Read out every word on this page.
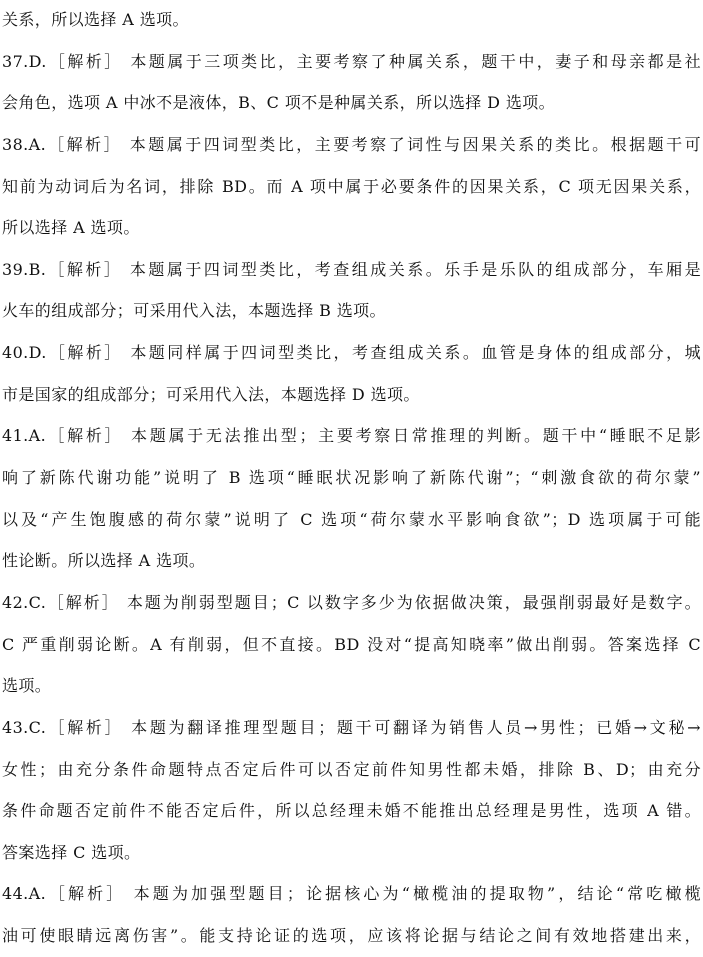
关系，所以选择 A 选项。
37.D.［解析］ 本题属于三项类比，主要考察了种属关系，题干中，妻子和母亲都是社
会角色，选项 A 中冰不是液体，B、C 项不是种属关系，所以选择 D 选项。
38.A.［解析］ 本题属于四词型类比，主要考察了词性与因果关系的类比。根据题干可
知前为动词后为名词，排除 BD。而 A 项中属于必要条件的因果关系，C 项无因果关系，
所以选择 A 选项。
39.B.［解析］ 本题属于四词型类比，考查组成关系。乐手是乐队的组成部分，车厢是
火车的组成部分；可采用代入法，本题选择 B 选项。
40.D.［解析］ 本题同样属于四词型类比，考查组成关系。血管是身体的组成部分，城
市是国家的组成部分；可采用代入法，本题选择 D 选项。
41.A.［解析］ 本题属于无法推出型；主要考察日常推理的判断。题干中“睡眠不足影
响了新陈代谢功能”说明了 B 选项“睡眠状况影响了新陈代谢”；“刺激食欲的荷尔蒙”
以及“产生饱腹感的荷尔蒙”说明了 C 选项“荷尔蒙水平影响食欲”；D 选项属于可能
性论断。所以选择 A 选项。
42.C.［解析］ 本题为削弱型题目；C 以数字多少为依据做决策，最强削弱最好是数字。
C 严重削弱论断。A 有削弱，但不直接。BD 没对“提高知晓率”做出削弱。答案选择 C
选项。
43.C.［解析］ 本题为翻译推理型题目；题干可翻译为销售人员→男性；已婚→文秘→
女性；由充分条件命题特点否定后件可以否定前件知男性都未婚，排除 B、D；由充分
条件命题否定前件不能否定后件，所以总经理未婚不能推出总经理是男性，选项 A 错。
答案选择 C 选项。
44.A.［解析］ 本题为加强型题目；论据核心为“橄榄油的提取物”，结论“常吃橄榄
油可使眼睛远离伤害”。能支持论证的选项，应该将论据与结论之间有效地搭建出来，
